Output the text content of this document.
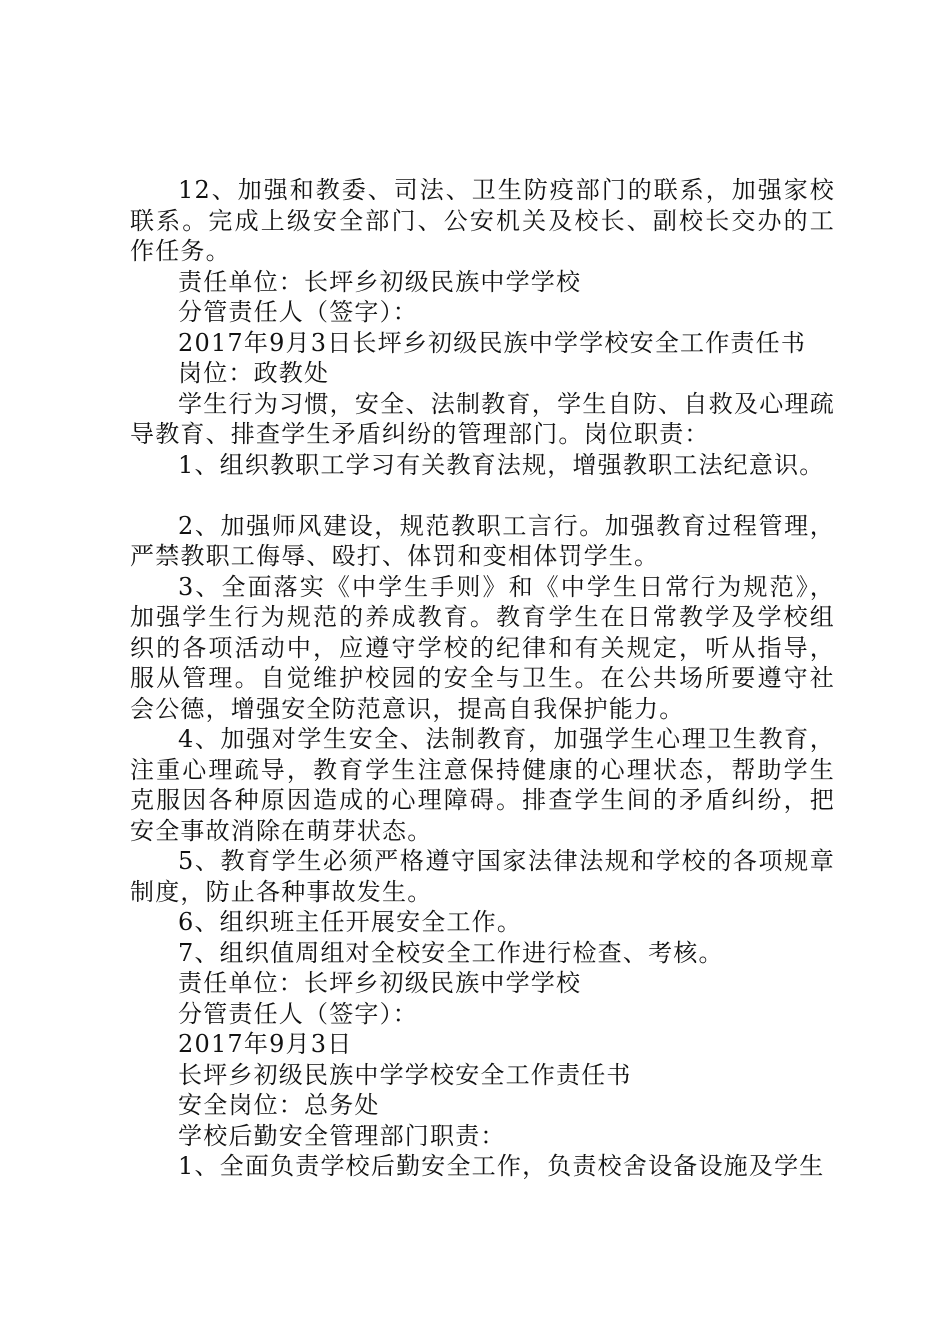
12、加强和教委、司法、卫生防疫部门的联系，加强家校联系。完成上级安全部门、公安机关及校长、副校长交办的工作任务。

责任单位：长坪乡初级民族中学学校

分管责任人（签字）：

2017年9月3日长坪乡初级民族中学学校安全工作责任书

岗位：政教处

学生行为习惯，安全、法制教育，学生自防、自救及心理疏导教育、排查学生矛盾纠纷的管理部门。岗位职责：

1、组织教职工学习有关教育法规，增强教职工法纪意识。

2、加强师风建设，规范教职工言行。加强教育过程管理，严禁教职工侮辱、殴打、体罚和变相体罚学生。

3、全面落实《中学生手则》和《中学生日常行为规范》，加强学生行为规范的养成教育。教育学生在日常教学及学校组织的各项活动中，应遵守学校的纪律和有关规定，听从指导，服从管理。自觉维护校园的安全与卫生。在公共场所要遵守社会公德，增强安全防范意识，提高自我保护能力。

4、加强对学生安全、法制教育，加强学生心理卫生教育，注重心理疏导，教育学生注意保持健康的心理状态，帮助学生克服因各种原因造成的心理障碍。排查学生间的矛盾纠纷，把安全事故消除在萌芽状态。

5、教育学生必须严格遵守国家法律法规和学校的各项规章制度，防止各种事故发生。

6、组织班主任开展安全工作。

7、组织值周组对全校安全工作进行检查、考核。

责任单位：长坪乡初级民族中学学校

分管责任人（签字）：

2017年9月3日

长坪乡初级民族中学学校安全工作责任书

安全岗位：总务处

学校后勤安全管理部门职责：

1、全面负责学校后勤安全工作，负责校舍设备设施及学生
